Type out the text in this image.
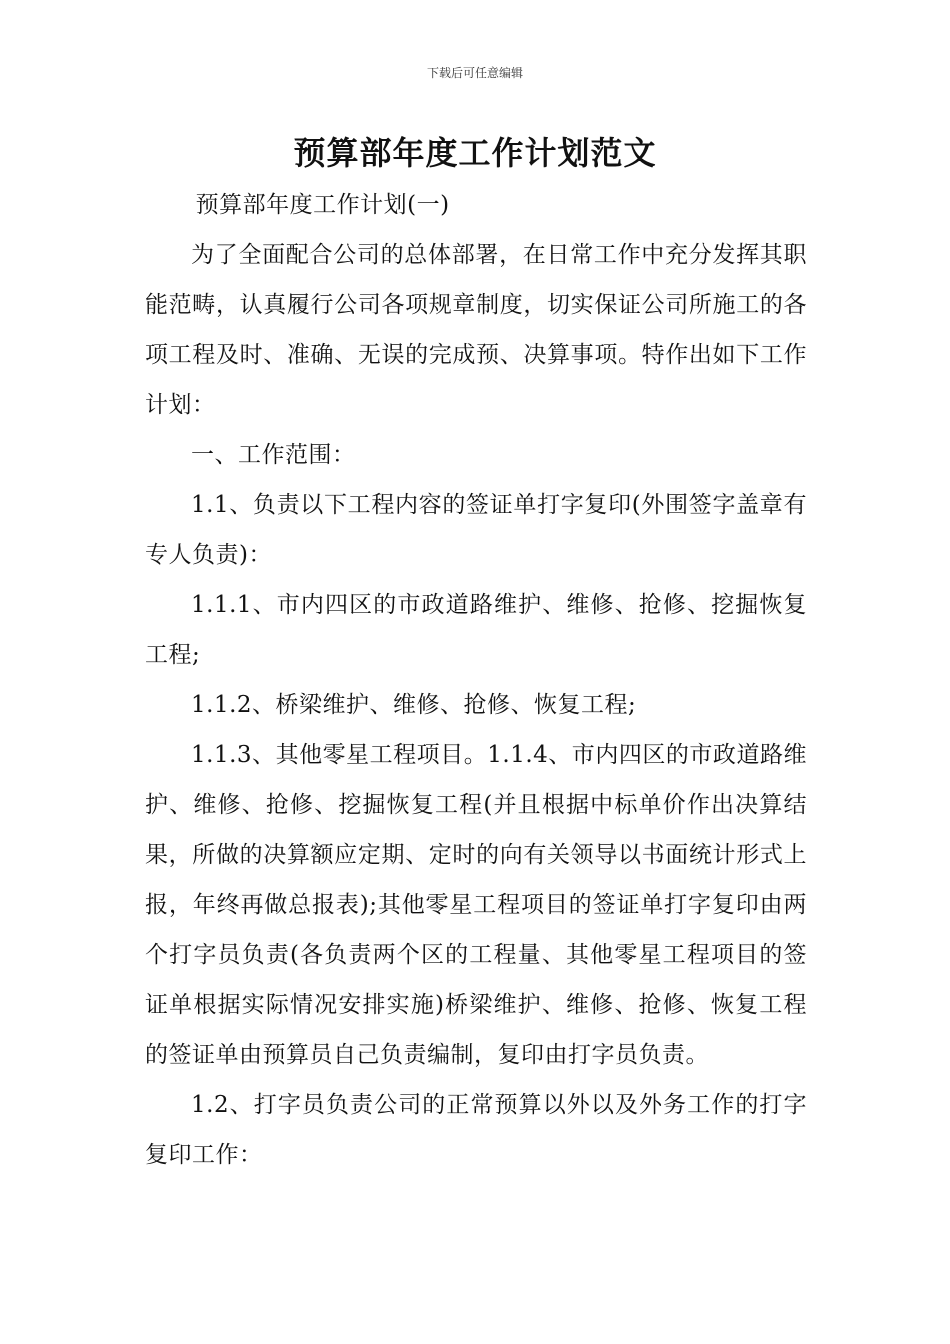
下载后可任意编辑
预算部年度工作计划范文

预算部年度工作计划(一)

为了全面配合公司的总体部署，在日常工作中充分发挥其职能范畴，认真履行公司各项规章制度，切实保证公司所施工的各项工程及时、准确、无误的完成预、决算事项。特作出如下工作计划：

一、工作范围：

1.1、负责以下工程内容的签证单打字复印(外围签字盖章有专人负责)：

1.1.1、市内四区的市政道路维护、维修、抢修、挖掘恢复工程;

1.1.2、桥梁维护、维修、抢修、恢复工程;

1.1.3、其他零星工程项目。1.1.4、市内四区的市政道路维护、维修、抢修、挖掘恢复工程(并且根据中标单价作出决算结果，所做的决算额应定期、定时的向有关领导以书面统计形式上报，年终再做总报表);其他零星工程项目的签证单打字复印由两个打字员负责(各负责两个区的工程量、其他零星工程项目的签证单根据实际情况安排实施)桥梁维护、维修、抢修、恢复工程的签证单由预算员自己负责编制，复印由打字员负责。

1.2、打字员负责公司的正常预算以外以及外务工作的打字复印工作：
